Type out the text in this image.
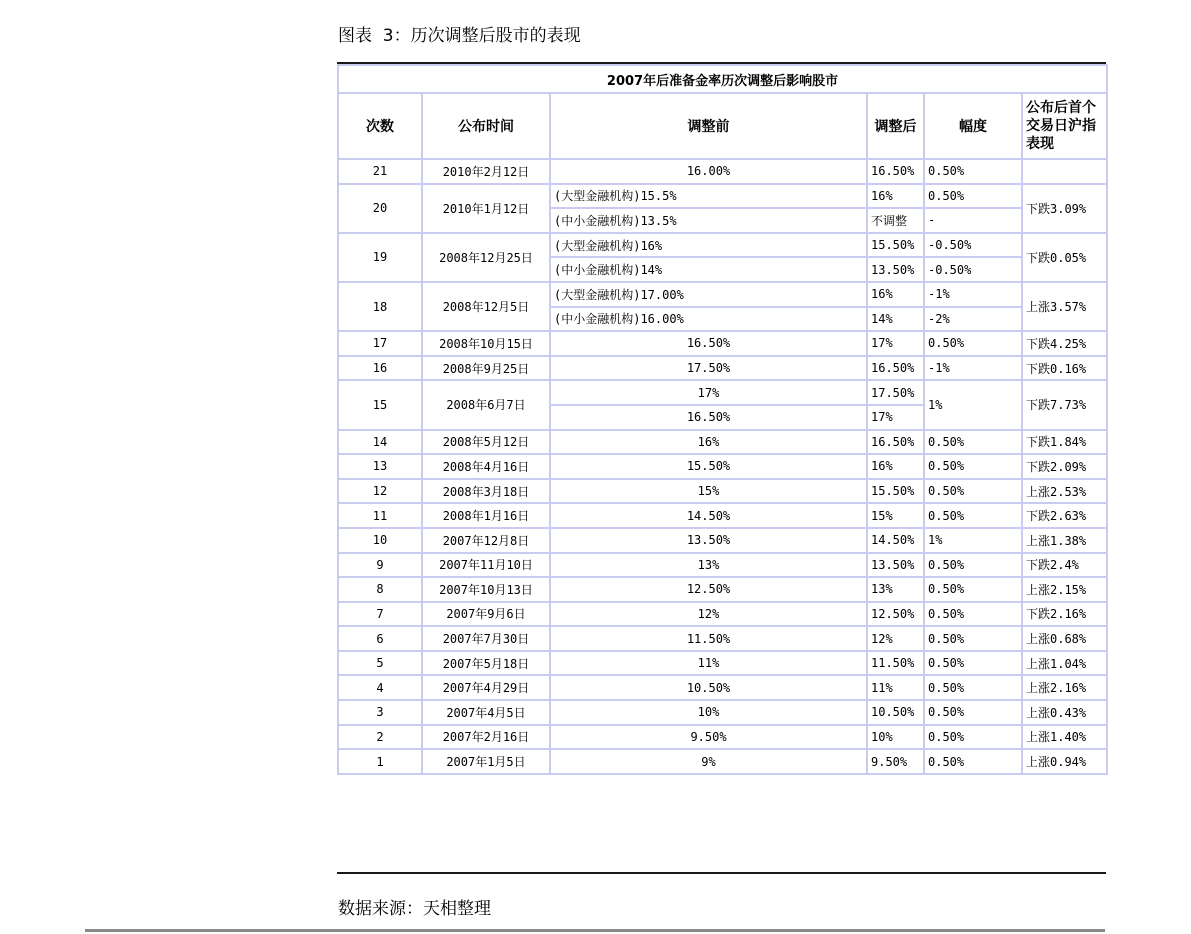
图表  3：历次调整后股市的表现
2007年后准备金率历次调整后影响股市					
次数	公布时间	调整前	调整后	幅度	公布后首个交易日沪指表现
21	2010年2月12日	16.00%	16.50%	0.50%	
20	2010年1月12日	(大型金融机构)15.5%	16%	0.50%	下跌3.09%
		(中小金融机构)13.5%	不调整	-	
19	2008年12月25日	(大型金融机构)16%	15.50%	-0.50%	下跌0.05%
		(中小金融机构)14%	13.50%	-0.50%	
18	2008年12月5日	(大型金融机构)17.00%	16%	-1%	上涨3.57%
		(中小金融机构)16.00%	14%	-2%	
17	2008年10月15日	16.50%	17%	0.50%	下跌4.25%
16	2008年9月25日	17.50%	16.50%	-1%	下跌0.16%
15	2008年6月7日	17%	17.50%	1%	下跌7.73%
		16.50%	17%		
14	2008年5月12日	16%	16.50%	0.50%	下跌1.84%
13	2008年4月16日	15.50%	16%	0.50%	下跌2.09%
12	2008年3月18日	15%	15.50%	0.50%	上涨2.53%
11	2008年1月16日	14.50%	15%	0.50%	下跌2.63%
10	2007年12月8日	13.50%	14.50%	1%	上涨1.38%
9	2007年11月10日	13%	13.50%	0.50%	下跌2.4%
8	2007年10月13日	12.50%	13%	0.50%	上涨2.15%
7	2007年9月6日	12%	12.50%	0.50%	下跌2.16%
6	2007年7月30日	11.50%	12%	0.50%	上涨0.68%
5	2007年5月18日	11%	11.50%	0.50%	上涨1.04%
4	2007年4月29日	10.50%	11%	0.50%	上涨2.16%
3	2007年4月5日	10%	10.50%	0.50%	上涨0.43%
2	2007年2月16日	9.50%	10%	0.50%	上涨1.40%
1	2007年1月5日	9%	9.50%	0.50%	上涨0.94%
数据来源：天相整理
